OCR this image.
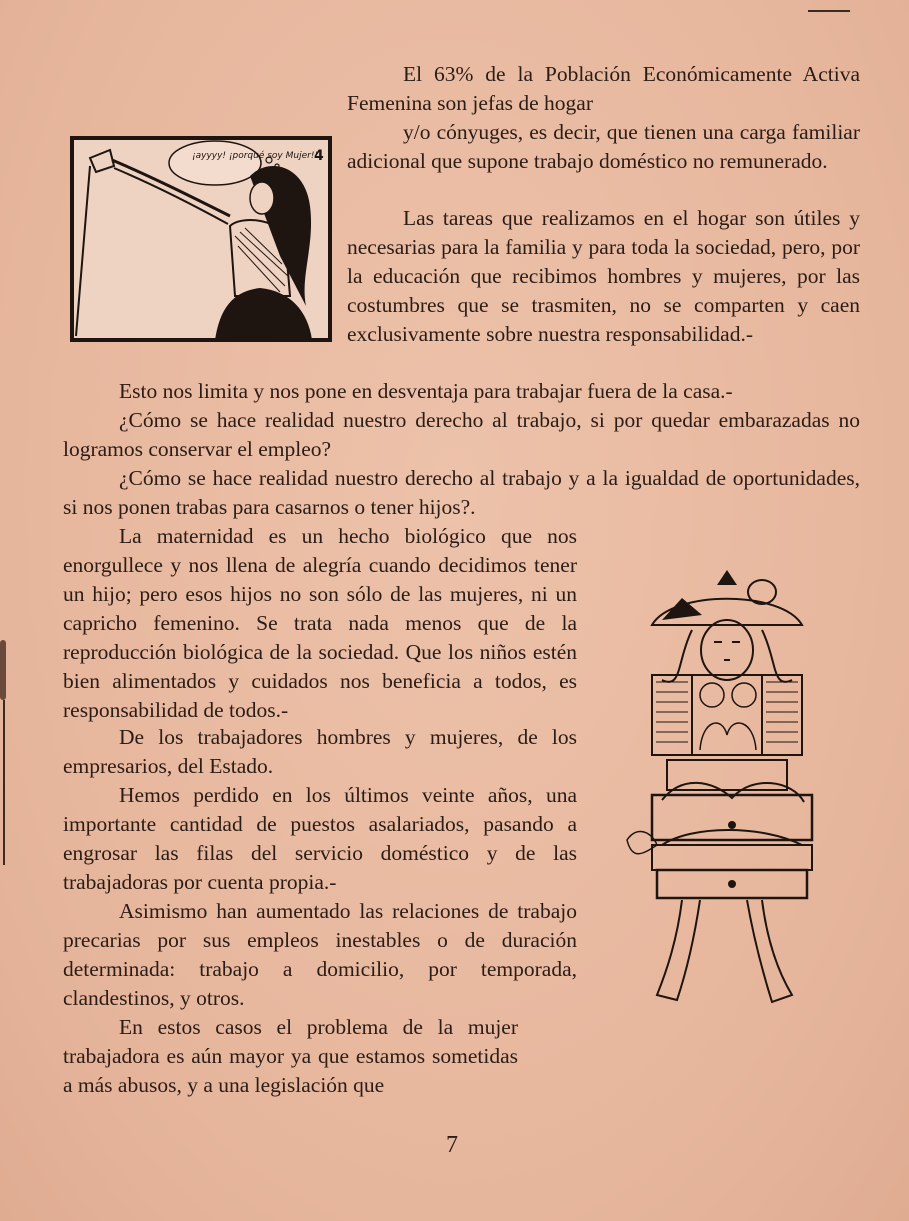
¡ayyyy! ¡porqué soy Mujer!!
4

El 63% de la Población Económicamente Activa Femenina son jefas de hogar

y/o cónyuges, es decir, que tienen una carga familiar adicional que supone trabajo doméstico no remunerado.

Las tareas que realizamos en el hogar son útiles y necesarias para la familia y para toda la sociedad, pero, por la educación que recibimos hombres y mujeres, por las costumbres que se trasmiten, no se comparten y caen exclusivamente sobre nuestra responsabilidad.-

Esto nos limita y nos pone en desventaja para trabajar fuera de la casa.-

¿Cómo se hace realidad nuestro derecho al trabajo, si por quedar embarazadas no logramos conservar el empleo?

¿Cómo se hace realidad nuestro derecho al trabajo y a la igualdad de oportunidades, si nos ponen trabas para casarnos o tener hijos?.

La maternidad es un hecho biológico que nos enorgullece y nos llena de alegría cuando decidimos tener un hijo; pero esos hijos no son sólo de las mujeres, ni un capricho femenino. Se trata nada menos que de la reproducción biológica de la sociedad. Que los niños estén bien alimentados y cuidados nos beneficia a todos, es responsabilidad de todos.-

De los trabajadores hombres y mujeres, de los empresarios, del Estado.

Hemos perdido en los últimos veinte años, una importante cantidad de puestos asalariados, pasando a engrosar las filas del servicio doméstico y de las trabajadoras por cuenta propia.-

Asimismo han aumentado las relaciones de trabajo precarias por sus empleos inestables o de duración determinada: trabajo a domicilio, por temporada, clandestinos, y otros.

En estos casos el problema de la mujer trabajadora es aún mayor ya que estamos sometidas a más abusos, y a una legislación que

7
